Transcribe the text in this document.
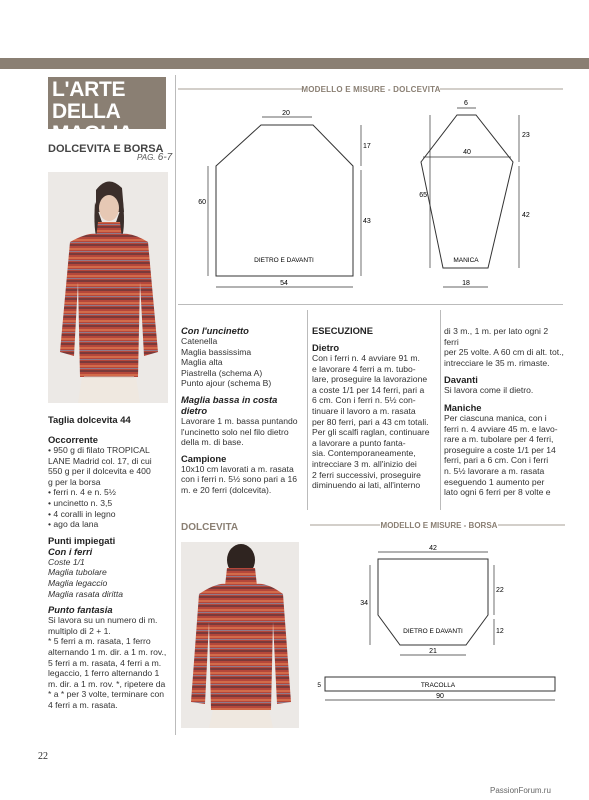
L'ARTE
DELLA MAGLIA
DOLCEVITA E BORSA
PAG. 6-7
Taglia dolcevita 44
Occorrente
• 950 g di filato TROPICAL
LANE Madrid col. 17, di cui
550 g per il dolcevita e 400
g per la borsa
• ferri n. 4 e n. 5½
• uncinetto n. 3,5
• 4 coralli in legno
• ago da lana
Punti impiegati
Con i ferri
Coste 1/1
Maglia tubolare
Maglia legaccio
Maglia rasata diritta
Punto fantasia
Si lavora su un numero di m.
multiplo di 2 + 1.
* 5 ferri a m. rasata, 1 ferro
alternando 1 m. dir. a 1 m. rov.,
5 ferri a m. rasata, 4 ferri a m.
legaccio, 1 ferro alternando 1
m. dir. a 1 m. rov. *, ripetere da
* a * per 3 volte, terminare con
4 ferri a m. rasata.
MODELLO E MISURE - DOLCEVITA
20
60
17
43
54
DIETRO E DAVANTI
6
23
40
65
42
18
MANICA
Con l'uncinetto
Catenella
Maglia bassissima
Maglia alta
Piastrella (schema A)
Punto ajour (schema B)
Maglia bassa in costa
dietro
Lavorare 1 m. bassa puntando
l'uncinetto solo nel filo dietro
della m. di base.
Campione
10x10 cm lavorati a m. rasata
con i ferri n. 5½ sono pari a 16
m. e 20 ferri (dolcevita).
DOLCEVITA
ESECUZIONE
Dietro
Con i ferri n. 4 avviare 91 m.
e lavorare 4 ferri a m. tubo-
lare, proseguire la lavorazione
a coste 1/1 per 14 ferri, pari a
6 cm. Con i ferri n. 5½ con-
tinuare il lavoro a m. rasata
per 80 ferri, pari a 43 cm totali.
Per gli scalfi raglan, continuare
a lavorare a punto fanta-
sia. Contemporaneamente,
intrecciare 3 m. all'inizio dei
2 ferri successivi, proseguire
diminuendo ai lati, all'interno
di 3 m., 1 m. per lato ogni 2 ferri
per 25 volte. A 60 cm di alt. tot.,
intrecciare le 35 m. rimaste.
Davanti
Si lavora come il dietro.
Maniche
Per ciascuna manica, con i
ferri n. 4 avviare 45 m. e lavo-
rare a m. tubolare per 4 ferri,
proseguire a coste 1/1 per 14
ferri, pari a 6 cm. Con i ferri
n. 5½ lavorare a m. rasata
eseguendo 1 aumento per
lato ogni 6 ferri per 8 volte e
MODELLO E MISURE - BORSA
42
34
22
12
21
DIETRO E DAVANTI
5	TRACOLLA
90
22
PassionForum.ru
